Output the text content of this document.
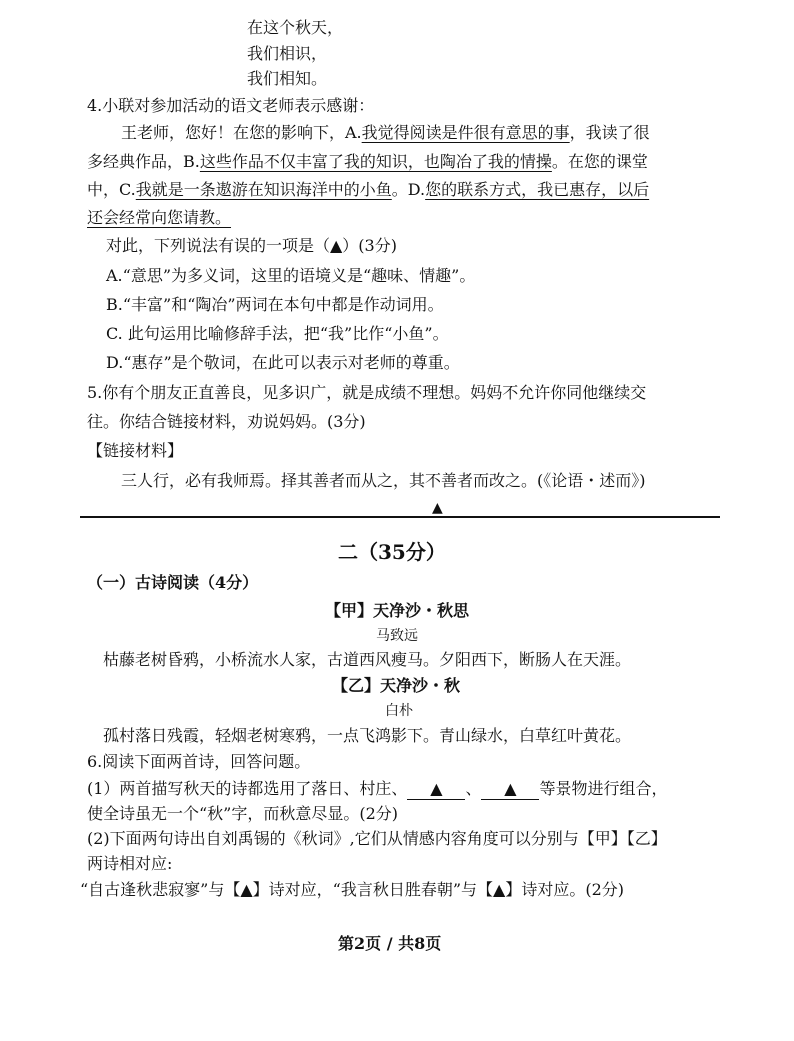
在这个秋天，
我们相识，
我们相知。
4.小联对参加活动的语文老师表示感谢：
王老师，您好！在您的影响下，A.我觉得阅读是件很有意思的事，我读了很
多经典作品，B.这些作品不仅丰富了我的知识，也陶冶了我的情操。在您的课堂
中，C.我就是一条遨游在知识海洋中的小鱼。D.您的联系方式，我已惠存，以后
还会经常向您请教。
对此，下列说法有误的一项是（▲）(3分)
A.“意思”为多义词，这里的语境义是“趣味、情趣”。
B.“丰富”和“陶冶”两词在本句中都是作动词用。
C. 此句运用比喻修辞手法，把“我”比作“小鱼”。
D.“惠存”是个敬词，在此可以表示对老师的尊重。
5.你有个朋友正直善良，见多识广，就是成绩不理想。妈妈不允许你同他继续交
往。你结合链接材料，劝说妈妈。(3分)
【链接材料】
三人行，必有我师焉。择其善者而从之，其不善者而改之。(《论语・述而》)
▲
二（35分）
（一）古诗阅读（4分）
【甲】天净沙・秋思
马致远
枯藤老树昏鸦，小桥流水人家，古道西风瘦马。夕阳西下，断肠人在天涯。
【乙】天净沙・秋
白朴
孤村落日残霞，轻烟老树寒鸦，一点飞鸿影下。青山绿水，白草红叶黄花。
6.阅读下面两首诗，回答问题。
(1）两首描写秋天的诗都选用了落日、村庄、 ▲ 、 ▲ 等景物进行组合，
使全诗虽无一个“秋”字，而秋意尽显。(2分)
(2)下面两句诗出自刘禹锡的《秋词》,它们从情感内容角度可以分别与【甲】【乙】
两诗相对应:
“自古逢秋悲寂寥”与【▲】诗对应，“我言秋日胜春朝”与【▲】诗对应。(2分)
第2页 / 共8页
